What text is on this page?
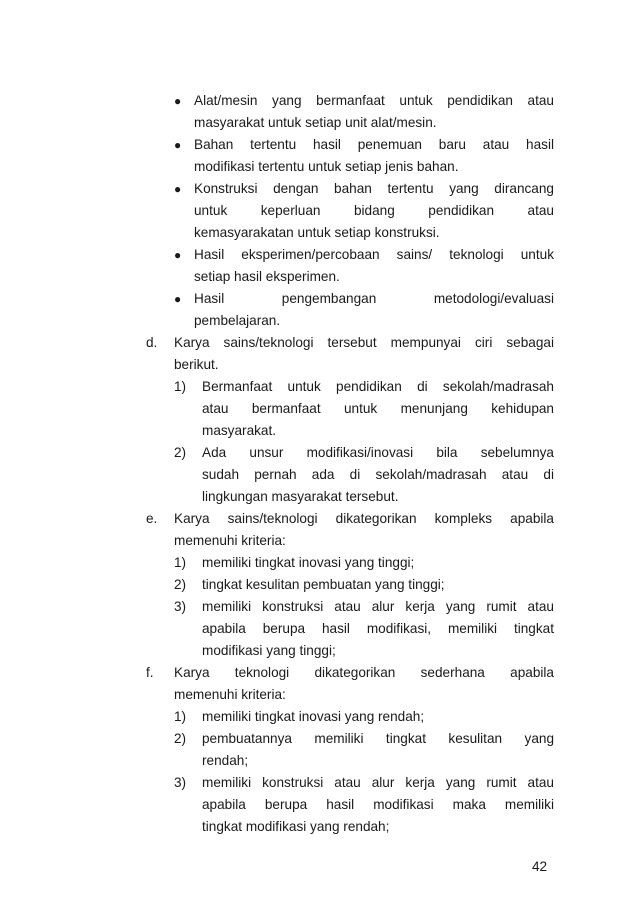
● Alat/mesin yang bermanfaat untuk pendidikan atau
masyarakat untuk setiap unit alat/mesin.
● Bahan tertentu hasil penemuan baru atau hasil
modifikasi tertentu untuk setiap jenis bahan.
● Konstruksi dengan bahan tertentu yang dirancang
untuk keperluan bidang pendidikan atau
kemasyarakatan untuk setiap konstruksi.
● Hasil eksperimen/percobaan sains/ teknologi untuk
setiap hasil eksperimen.
● Hasil pengembangan metodologi/evaluasi
pembelajaran.
d. Karya sains/teknologi tersebut mempunyai ciri sebagai
berikut.
1) Bermanfaat untuk pendidikan di sekolah/madrasah
atau bermanfaat untuk menunjang kehidupan
masyarakat.
2) Ada unsur modifikasi/inovasi bila sebelumnya
sudah pernah ada di sekolah/madrasah atau di
lingkungan masyarakat tersebut.
e. Karya sains/teknologi dikategorikan kompleks apabila
memenuhi kriteria:
1) memiliki tingkat inovasi yang tinggi;
2) tingkat kesulitan pembuatan yang tinggi;
3) memiliki konstruksi atau alur kerja yang rumit atau
apabila berupa hasil modifikasi, memiliki tingkat
modifikasi yang tinggi;
f. Karya teknologi dikategorikan sederhana apabila
memenuhi kriteria:
1) memiliki tingkat inovasi yang rendah;
2) pembuatannya memiliki tingkat kesulitan yang
rendah;
3) memiliki konstruksi atau alur kerja yang rumit atau
apabila berupa hasil modifikasi maka memiliki
tingkat modifikasi yang rendah;
42
